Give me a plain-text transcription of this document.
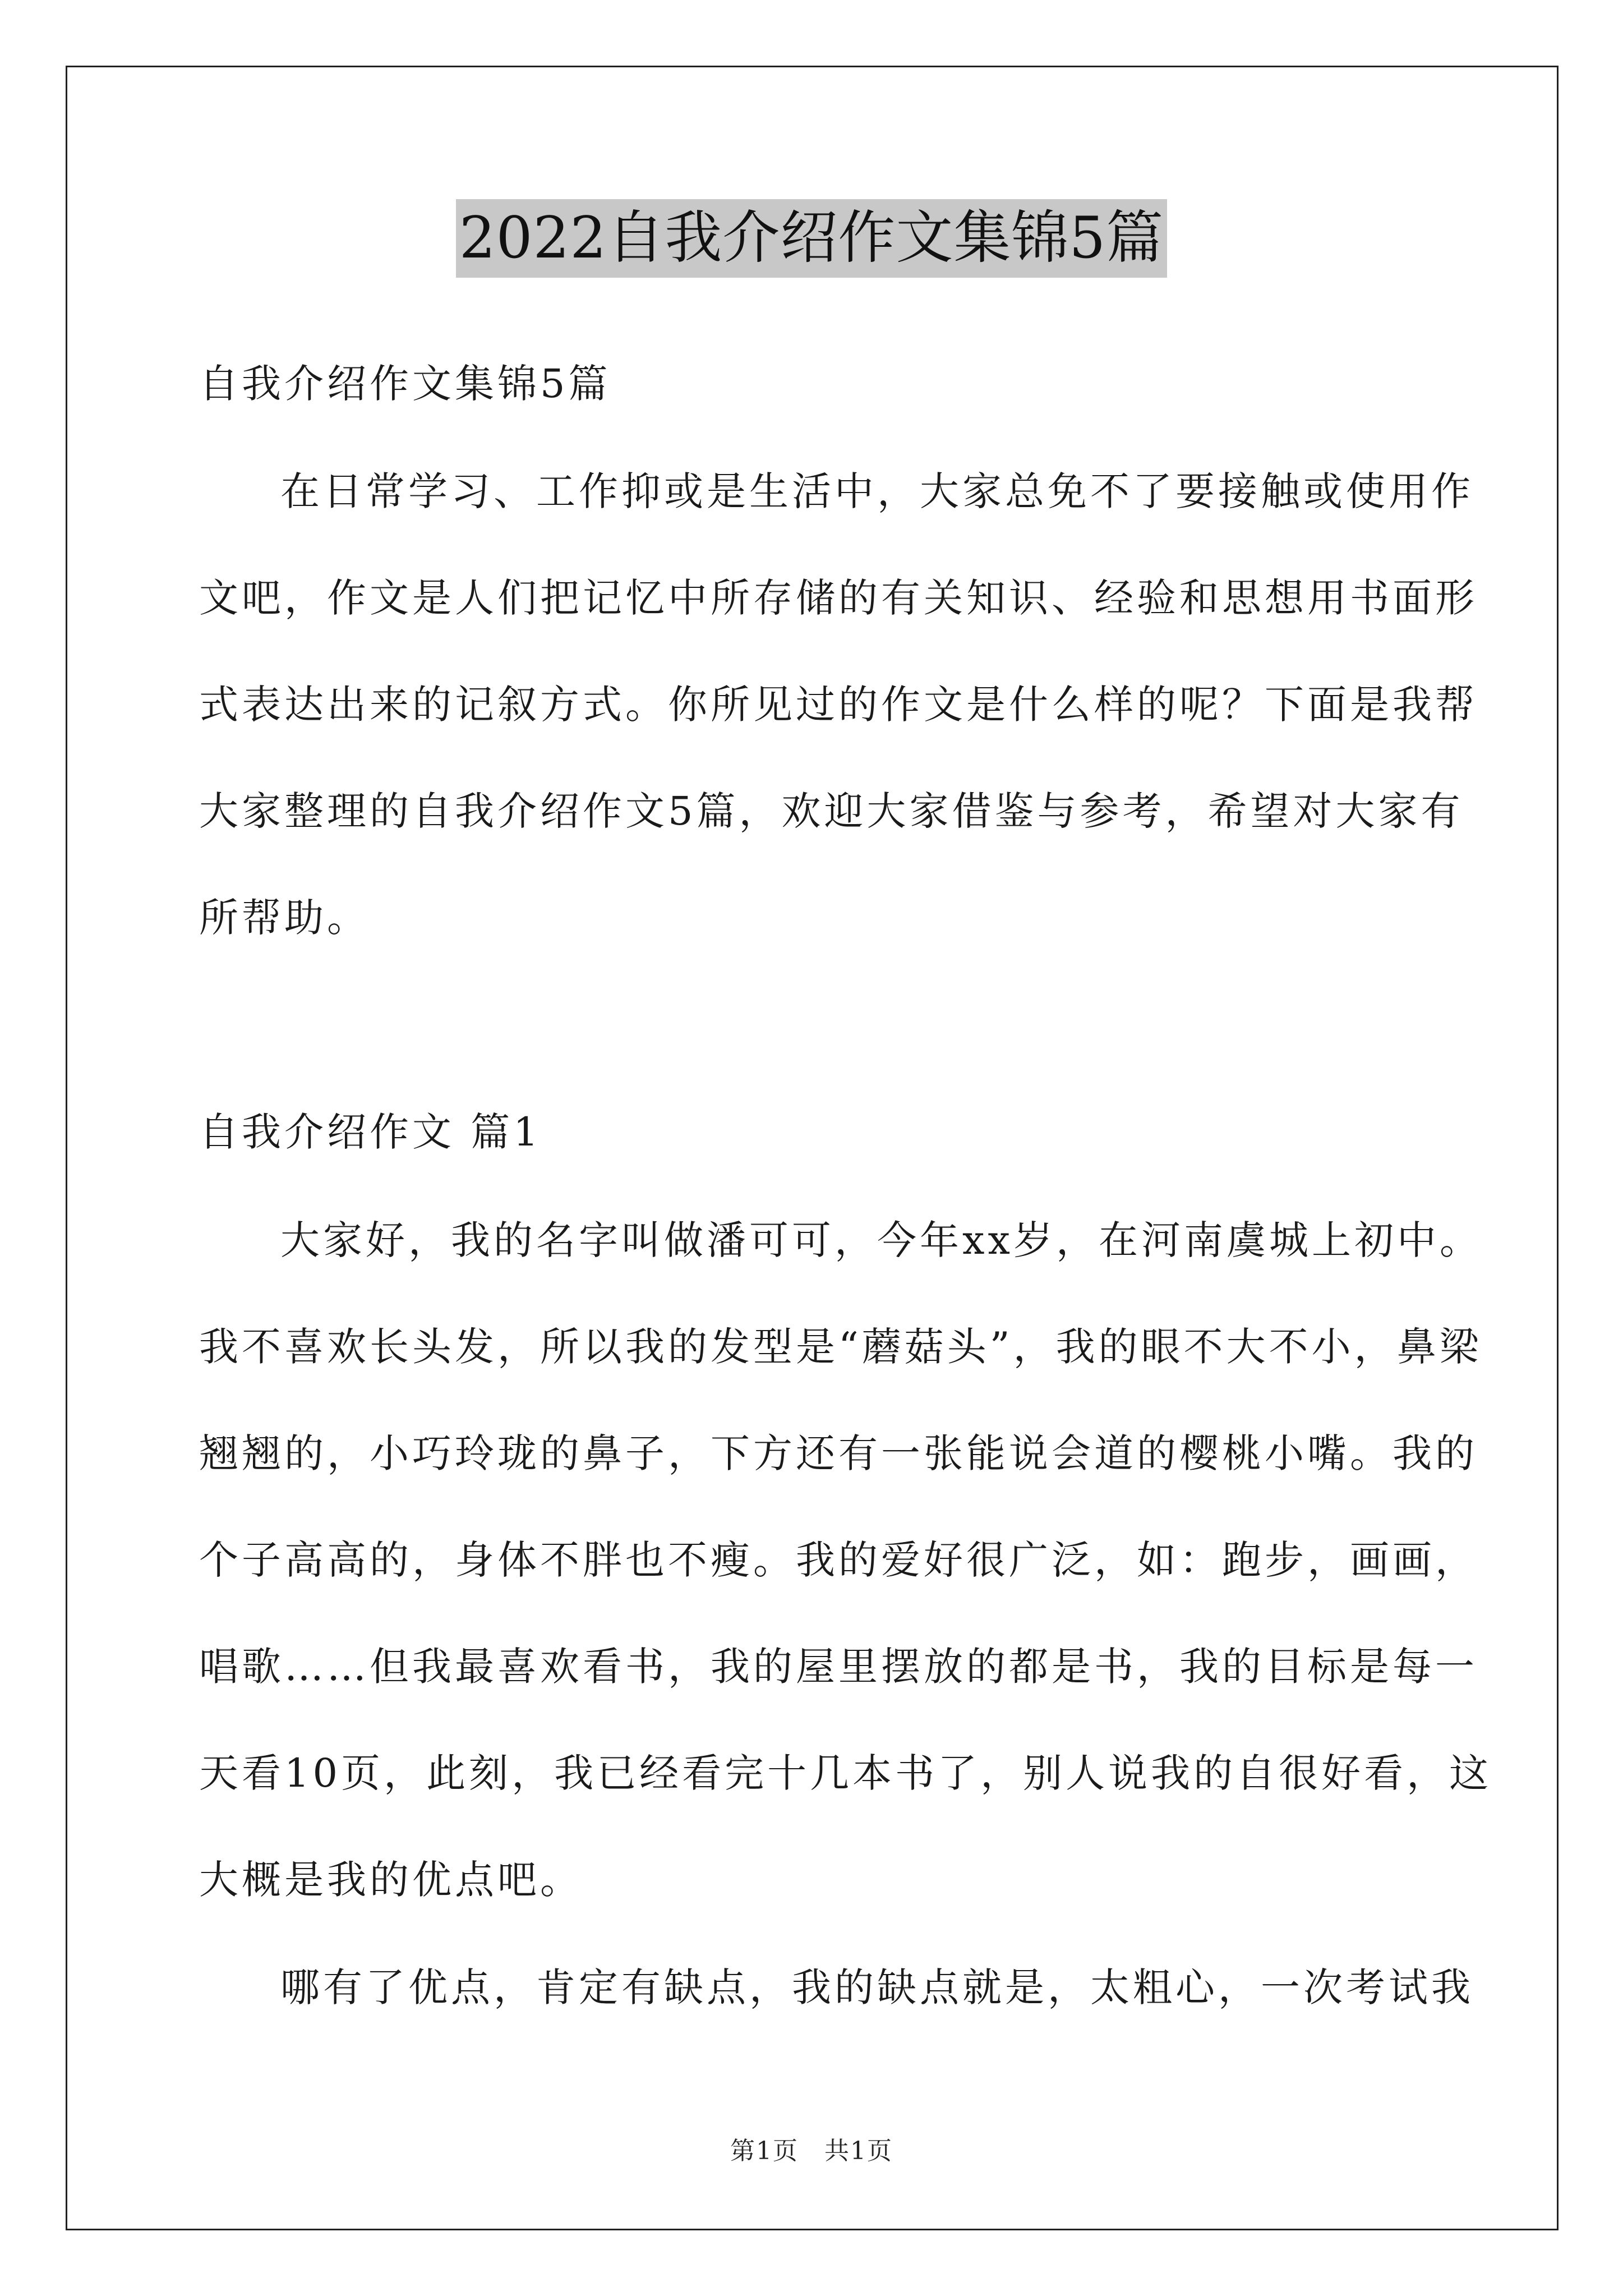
2022自我介绍作文集锦5篇
自我介绍作文集锦5篇
在日常学习、工作抑或是生活中，大家总免不了要接触或使用作
文吧，作文是人们把记忆中所存储的有关知识、经验和思想用书面形
式表达出来的记叙方式。你所见过的作文是什么样的呢？下面是我帮
大家整理的自我介绍作文5篇，欢迎大家借鉴与参考，希望对大家有
所帮助。
自我介绍作文 篇1
大家好，我的名字叫做潘可可，今年xx岁，在河南虞城上初中。
我不喜欢长头发，所以我的发型是“蘑菇头”，我的眼不大不小，鼻梁
翘翘的，小巧玲珑的鼻子，下方还有一张能说会道的樱桃小嘴。我的
个子高高的，身体不胖也不瘦。我的爱好很广泛，如：跑步，画画，
唱歌……但我最喜欢看书，我的屋里摆放的都是书，我的目标是每一
天看10页，此刻，我已经看完十几本书了，别人说我的自很好看，这
大概是我的优点吧。
哪有了优点，肯定有缺点，我的缺点就是，太粗心，一次考试我
第1页　共1页
